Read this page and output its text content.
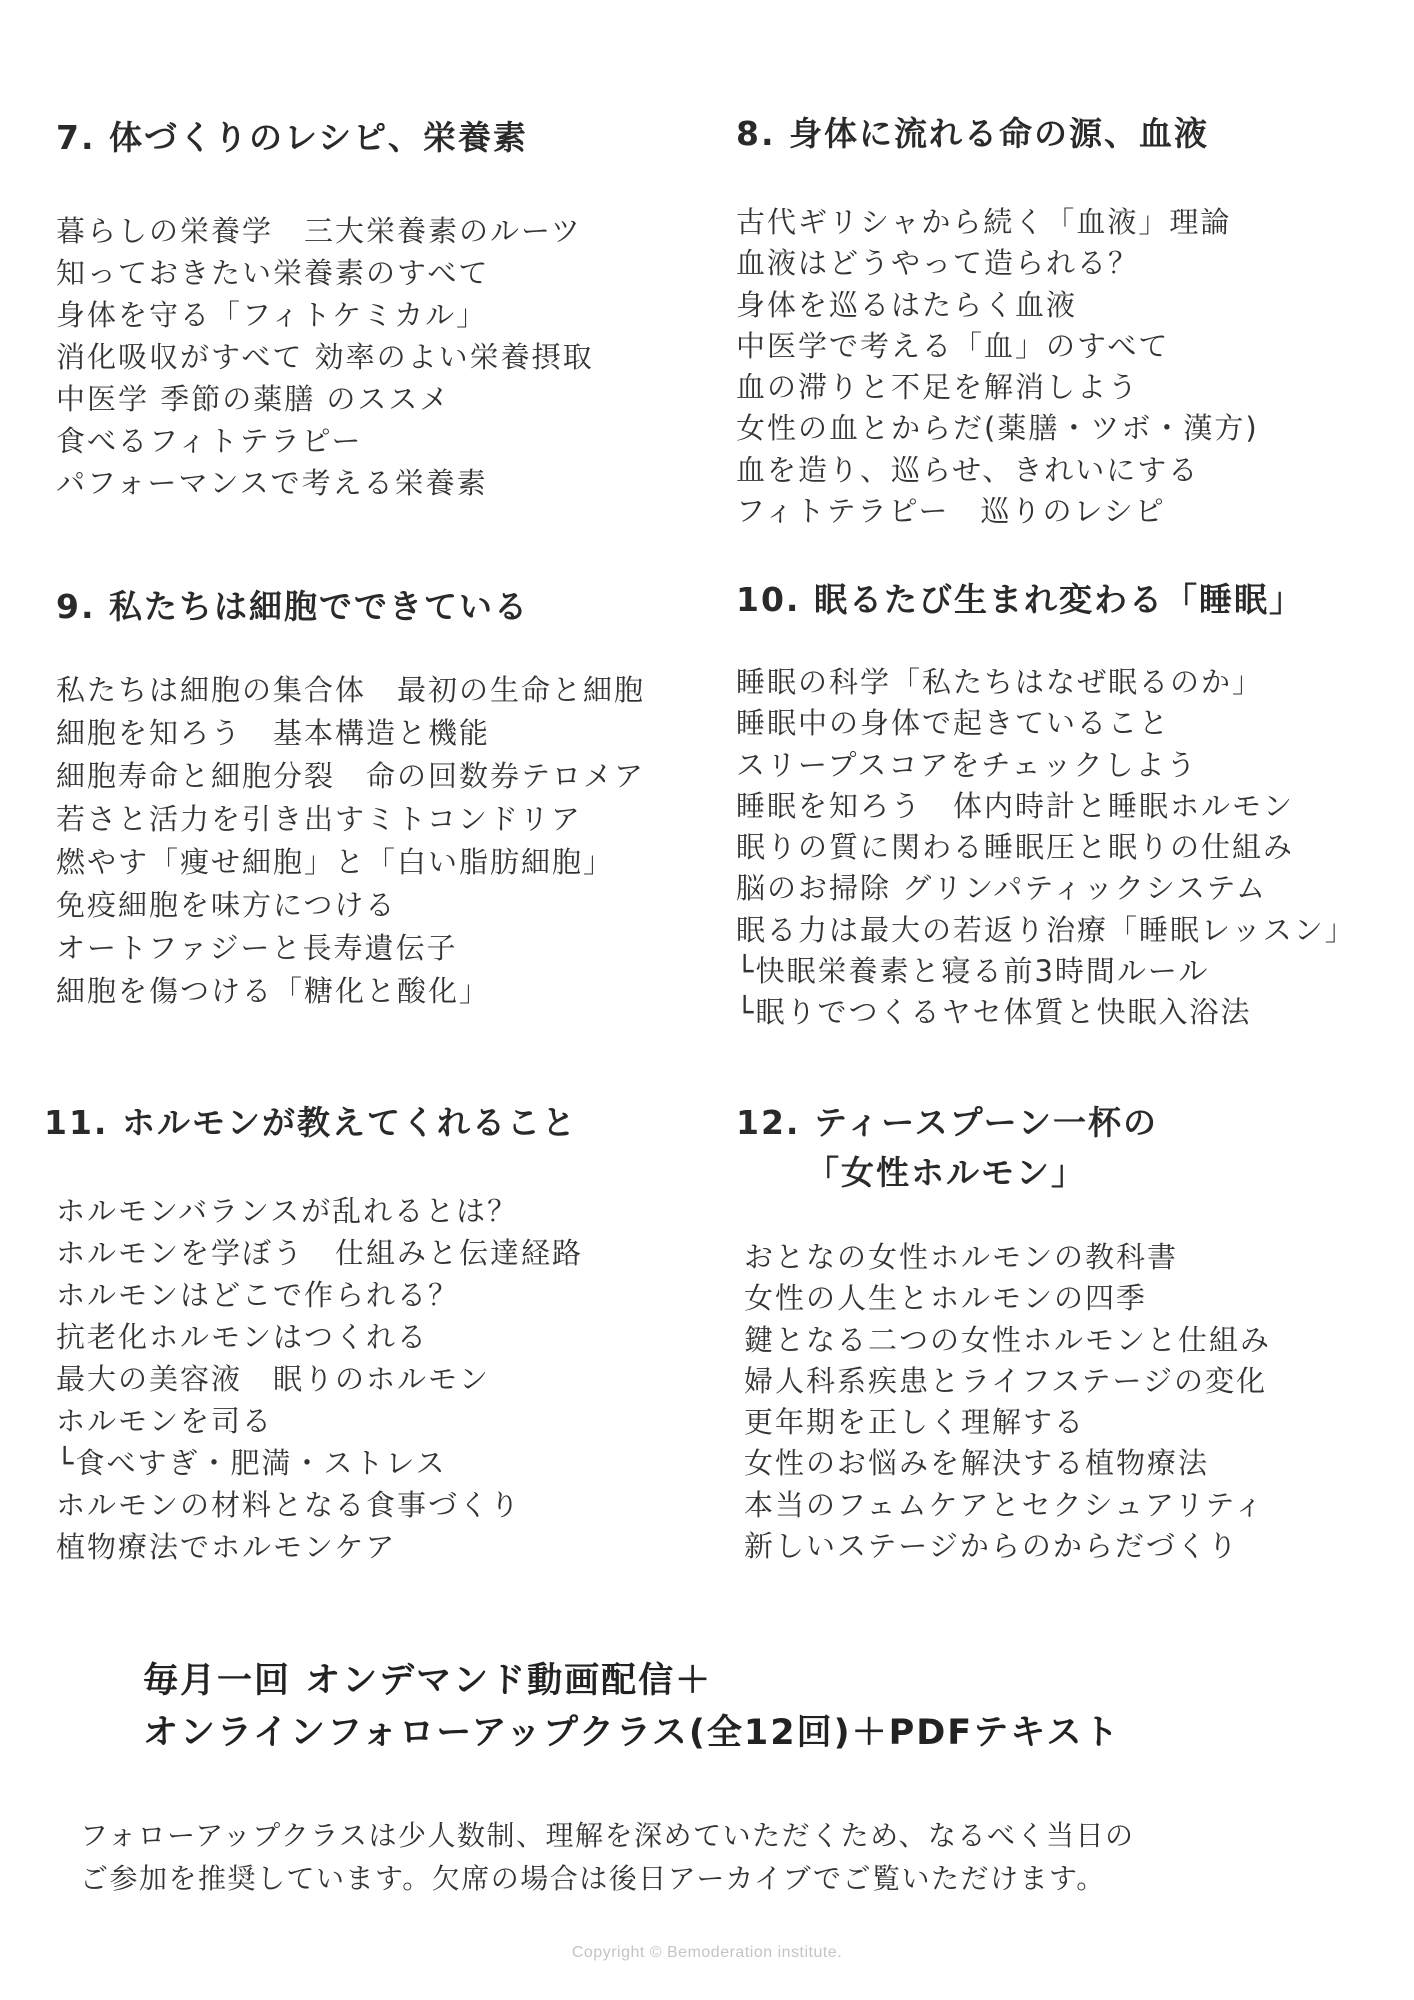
7. 体づくりのレシピ、栄養素
暮らしの栄養学　三大栄養素のルーツ
知っておきたい栄養素のすべて
身体を守る「フィトケミカル」
消化吸収がすべて 効率のよい栄養摂取
中医学 季節の薬膳 のススメ
食べるフィトテラピー
パフォーマンスで考える栄養素
8. 身体に流れる命の源、血液
古代ギリシャから続く「血液」理論
血液はどうやって造られる？
身体を巡るはたらく血液
中医学で考える「血」のすべて
血の滞りと不足を解消しよう
女性の血とからだ(薬膳・ツボ・漢方)
血を造り、巡らせ、きれいにする
フィトテラピー　巡りのレシピ
9. 私たちは細胞でできている
私たちは細胞の集合体　最初の生命と細胞
細胞を知ろう　基本構造と機能
細胞寿命と細胞分裂　命の回数券テロメア
若さと活力を引き出すミトコンドリア
燃やす「痩せ細胞」と「白い脂肪細胞」
免疫細胞を味方につける
オートファジーと長寿遺伝子
細胞を傷つける「糖化と酸化」
10. 眠るたび生まれ変わる「睡眠」
睡眠の科学「私たちはなぜ眠るのか」
睡眠中の身体で起きていること
スリープスコアをチェックしよう
睡眠を知ろう　体内時計と睡眠ホルモン
眠りの質に関わる睡眠圧と眠りの仕組み
脳のお掃除 グリンパティックシステム
眠る力は最大の若返り治療「睡眠レッスン」
└快眠栄養素と寝る前3時間ルール
└眠りでつくるヤセ体質と快眠入浴法
11. ホルモンが教えてくれること
ホルモンバランスが乱れるとは？
ホルモンを学ぼう　仕組みと伝達経路
ホルモンはどこで作られる？
抗老化ホルモンはつくれる
最大の美容液　眠りのホルモン
ホルモンを司る
└食べすぎ・肥満・ストレス
ホルモンの材料となる食事づくり
植物療法でホルモンケア
12. ティースプーン一杯の
「女性ホルモン」
おとなの女性ホルモンの教科書
女性の人生とホルモンの四季
鍵となる二つの女性ホルモンと仕組み
婦人科系疾患とライフステージの変化
更年期を正しく理解する
女性のお悩みを解決する植物療法
本当のフェムケアとセクシュアリティ
新しいステージからのからだづくり
毎月一回 オンデマンド動画配信＋
オンラインフォローアップクラス(全12回)＋PDFテキスト
フォローアップクラスは少人数制、理解を深めていただくため、なるべく当日の
ご参加を推奨しています。欠席の場合は後日アーカイブでご覧いただけます。
Copyright © Bemoderation institute.
